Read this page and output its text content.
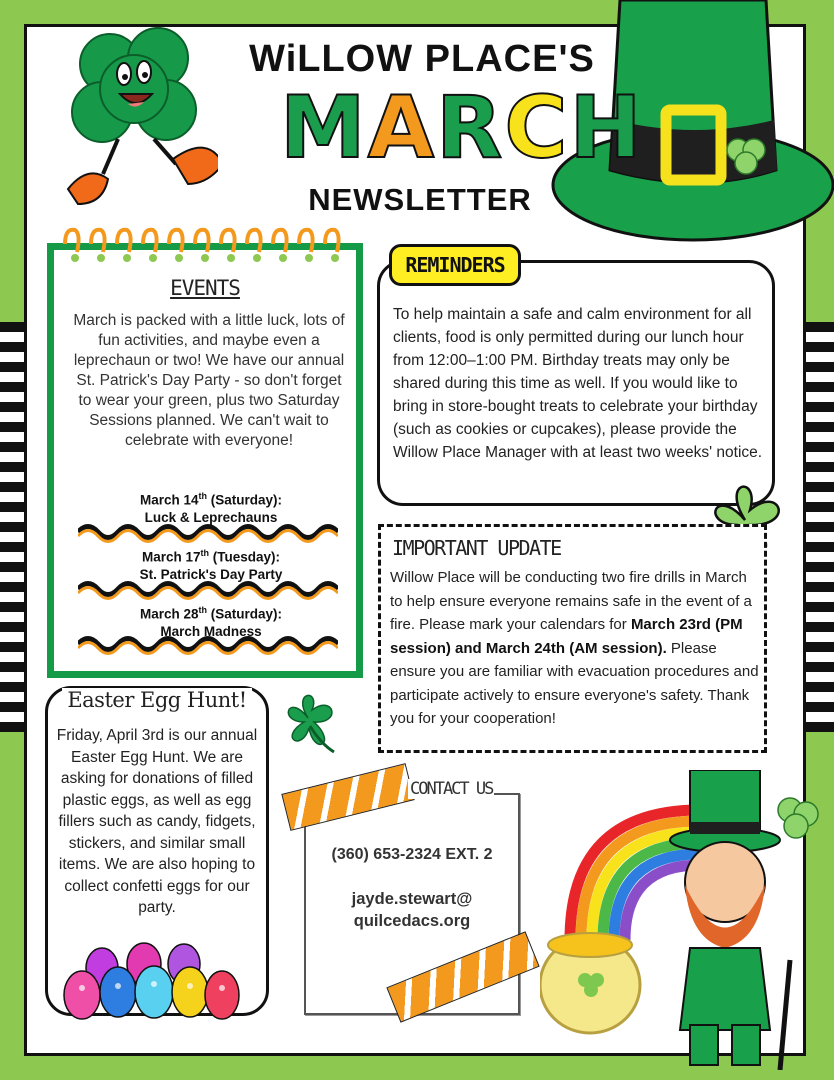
WiLLOW PLACE'S
MARCH
NEWSLETTER
EVENTS
March is packed with a little luck, lots of fun activities, and maybe even a leprechaun or two! We have our annual St. Patrick's Day Party - so don't forget to wear your green, plus two Saturday Sessions planned. We can't wait to celebrate with everyone!
March 14th (Saturday):
Luck & Leprechauns
March 17th (Tuesday):
St. Patrick's Day Party
March 28th (Saturday):
March Madness
REMINDERS
To help maintain a safe and calm environment for all clients, food is only permitted during our lunch hour from 12:00–1:00 PM. Birthday treats may only be shared during this time as well. If you would like to bring in store-bought treats to celebrate your birthday (such as cookies or cupcakes), please provide the Willow Place Manager with at least two weeks' notice.
IMPORTANT UPDATE
Willow Place will be conducting two fire drills in March to help ensure everyone remains safe in the event of a fire. Please mark your calendars for March 23rd (PM session) and March 24th (AM session). Please ensure you are familiar with evacuation procedures and participate actively to ensure everyone's safety. Thank you for your cooperation!
Easter Egg Hunt!
Friday, April 3rd is our annual Easter Egg Hunt. We are asking for donations of filled plastic eggs, as well as egg fillers such as candy, fidgets, stickers, and similar small items. We are also hoping to collect confetti eggs for our party.
CONTACT US
(360) 653-2324 EXT. 2
jayde.stewart@
quilcedacs.org
